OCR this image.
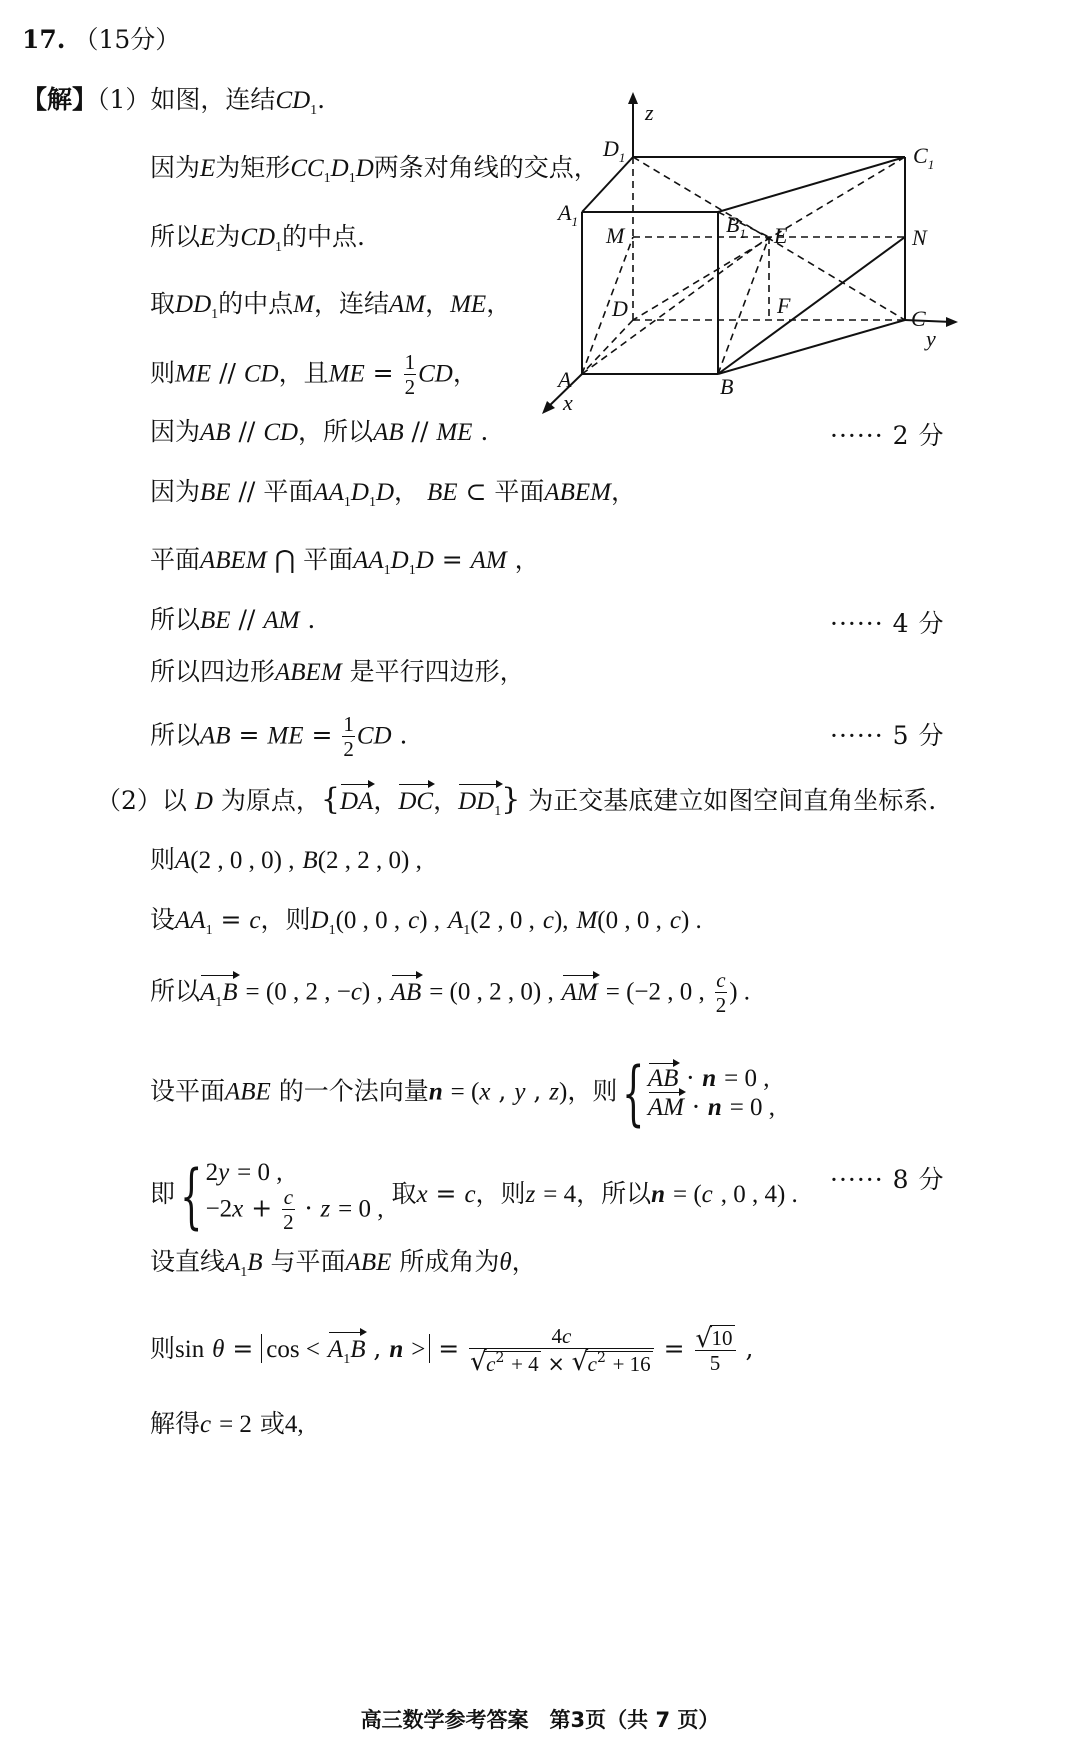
17. （15分）
【解】（1）如图，连结$CD_1$.
因为E为矩形$CC_1D_1D$两条对角线的交点，
所以E为$CD_1$的中点.
取$DD_1$的中点M，连结AM，ME，
则ME // CD，且ME = $\frac{1}{2}$ CD，
因为AB // CD，所以AB // ME .	······ 2 分
因为BE // 平面$AA_1D_1D$， BE ⊂ 平面ABEM，
平面ABEM ⋂ 平面$AA_1D_1D$ = AM ，
所以BE // AM .	······ 4 分
所以四边形ABEM 是平行四边形，
所以AB = ME = $\frac{1}{2}$ CD .	······ 5 分
（2）以 D 为原点，{DA，DC，$DD_1$} 为正交基底建立如图空间直角坐标系.
则A(2 , 0 , 0) , B(2 , 2 , 0) ,
设$AA_1 = c$，则$D_1(0$ , 0 , c) , $A_1(2$ , 0 , c), M(0 , 0 , c) .
所以$A_1B = (0$ , 2 , −c) , AB = (0 , 2 , 0) , AM = (−2 , 0 , $\frac{c}{2}$ ) .
设平面ABE 的一个法向量n = (x , y , z)，则 { AB · n = 0 ,
AM · n = 0 ,
即 { 2y = 0 ,
$-2x + \frac{c}{2} \cdot z = 0$ ,
取x = c，则z = 4，所以n = (c , 0 , 4) .
······ 8 分
设直线$A_1B$ 与平面ABE 所成角为θ，
则$\sin \theta = \cos < A_1B$ , n > = 4c
√ $c^2 + 4$ × √ $c^2 + 16$ = √ $\frac{10}{5}$ ,
解得c = 2 或4,
z
y
x
$D_1$	$C_1$
$A_1$	$B_1$
M	E	N
D	F
C
A	B
高三数学参考答案　第3页（共 7 页）
